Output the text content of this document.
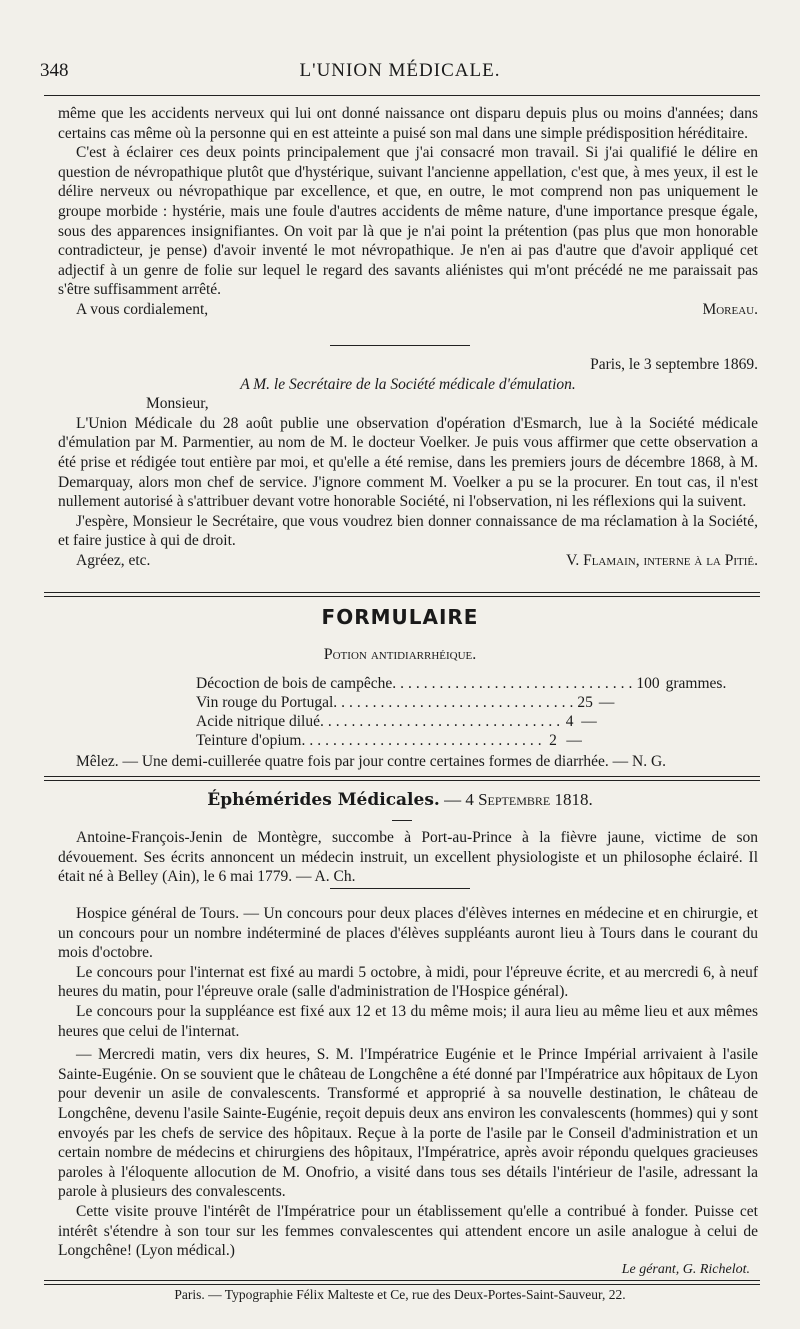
348	L'UNION MÉDICALE.

même que les accidents nerveux qui lui ont donné naissance ont disparu depuis plus ou moins d'années; dans certains cas même où la personne qui en est atteinte a puisé son mal dans une simple prédisposition héréditaire.

C'est à éclairer ces deux points principalement que j'ai consacré mon travail. Si j'ai qualifié le délire en question de névropathique plutôt que d'hystérique, suivant l'ancienne appellation, c'est que, à mes yeux, il est le délire nerveux ou névropathique par excellence, et que, en outre, le mot comprend non pas uniquement le groupe morbide : hystérie, mais une foule d'autres accidents de même nature, d'une importance presque égale, sous des apparences insignifiantes. On voit par là que je n'ai point la prétention (pas plus que mon honorable contradicteur, je pense) d'avoir inventé le mot névropathique. Je n'en ai pas d'autre que d'avoir appliqué cet adjectif à un genre de folie sur lequel le regard des savants aliénistes qui m'ont précédé ne me paraissait pas s'être suffisamment arrêté.

A vous cordialement,	Moreau.

Paris, le 3 septembre 1869.

A M. le Secrétaire de la Société médicale d'émulation.

Monsieur,

L'Union Médicale du 28 août publie une observation d'opération d'Esmarch, lue à la Société médicale d'émulation par M. Parmentier, au nom de M. le docteur Voelker. Je puis vous affirmer que cette observation a été prise et rédigée tout entière par moi, et qu'elle a été remise, dans les premiers jours de décembre 1868, à M. Demarquay, alors mon chef de service. J'ignore comment M. Voelker a pu se la procurer. En tout cas, il n'est nullement autorisé à s'attribuer devant votre honorable Société, ni l'observation, ni les réflexions qui la suivent.

J'espère, Monsieur le Secrétaire, que vous voudrez bien donner connaissance de ma réclamation à la Société, et faire justice à qui de droit.

Agréez, etc.	V. Flamain, interne à la Pitié.
FORMULAIRE
Potion antidiarrhéique.
Décoction de bois de campêche ............................... 100 grammes.
Vin rouge du Portugal ............................... 25 —
Acide nitrique dilué ............................... 4 —
Teinture d'opium ............................... 2 —
Mêlez. — Une demi-cuillerée quatre fois par jour contre certaines formes de diarrhée. — N. G.
Éphémérides Médicales. — 4 Septembre 1818.

Antoine-François-Jenin de Montègre, succombe à Port-au-Prince à la fièvre jaune, victime de son dévouement. Ses écrits annoncent un médecin instruit, un excellent physiologiste et un philosophe éclairé. Il était né à Belley (Ain), le 6 mai 1779. — A. Ch.

Hospice général de Tours. — Un concours pour deux places d'élèves internes en médecine et en chirurgie, et un concours pour un nombre indéterminé de places d'élèves suppléants auront lieu à Tours dans le courant du mois d'octobre.

Le concours pour l'internat est fixé au mardi 5 octobre, à midi, pour l'épreuve écrite, et au mercredi 6, à neuf heures du matin, pour l'épreuve orale (salle d'administration de l'Hospice général).

Le concours pour la suppléance est fixé aux 12 et 13 du même mois; il aura lieu au même lieu et aux mêmes heures que celui de l'internat.

— Mercredi matin, vers dix heures, S. M. l'Impératrice Eugénie et le Prince Impérial arrivaient à l'asile Sainte-Eugénie. On se souvient que le château de Longchêne a été donné par l'Impératrice aux hôpitaux de Lyon pour devenir un asile de convalescents. Transformé et approprié à sa nouvelle destination, le château de Longchêne, devenu l'asile Sainte-Eugénie, reçoit depuis deux ans environ les convalescents (hommes) qui y sont envoyés par les chefs de service des hôpitaux. Reçue à la porte de l'asile par le Conseil d'administration et un certain nombre de médecins et chirurgiens des hôpitaux, l'Impératrice, après avoir répondu quelques gracieuses paroles à l'éloquente allocution de M. Onofrio, a visité dans tous ses détails l'intérieur de l'asile, adressant la parole à plusieurs des convalescents.

Cette visite prouve l'intérêt de l'Impératrice pour un établissement qu'elle a contribué à fonder. Puisse cet intérêt s'étendre à son tour sur les femmes convalescentes qui attendent encore un asile analogue à celui de Longchêne! (Lyon médical.)

Le gérant, G. Richelot.
Paris. — Typographie Félix Malteste et Ce, rue des Deux-Portes-Saint-Sauveur, 22.
